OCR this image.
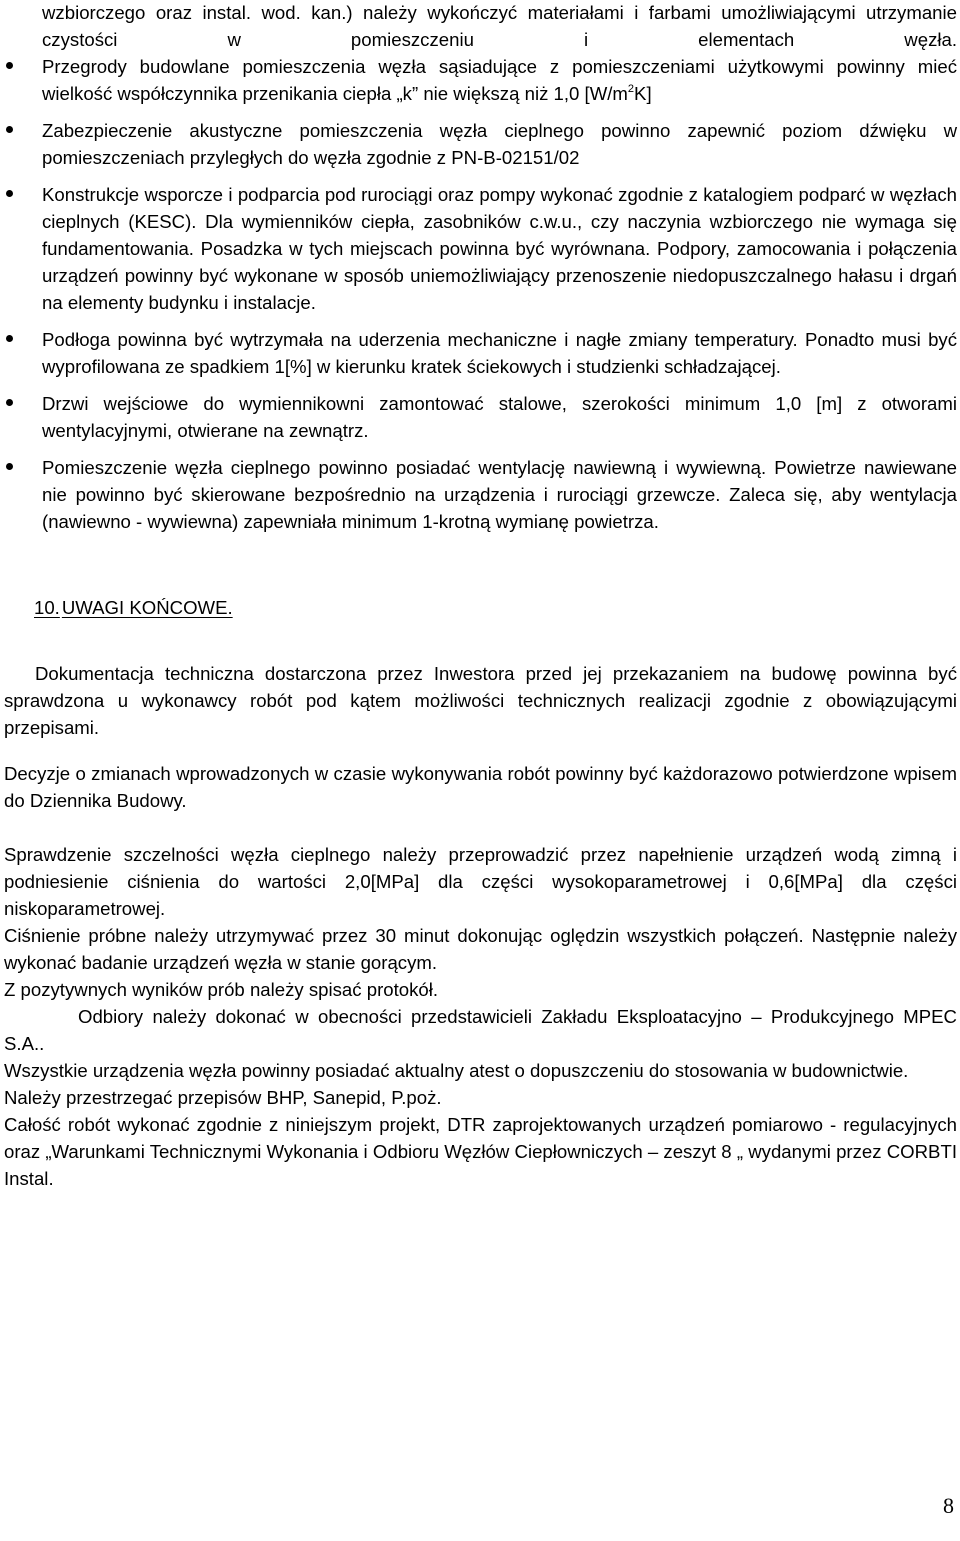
wzbiorczego oraz instal. wod. kan.) należy wykończyć materiałami i farbami umożliwiającymi utrzymanie czystości w pomieszczeniu i elementach węzła.

Przegrody budowlane pomieszczenia węzła sąsiadujące z pomieszczeniami użytkowymi powinny mieć wielkość współczynnika przenikania ciepła „k” nie większą niż 1,0 $[W/m^2K]$
Zabezpieczenie akustyczne pomieszczenia węzła cieplnego powinno zapewnić poziom dźwięku w pomieszczeniach przyległych do węzła zgodnie z PN-B-02151/02
Konstrukcje wsporcze i podparcia pod rurociągi oraz pompy wykonać zgodnie z katalogiem podparć w węzłach cieplnych (KESC). Dla wymienników ciepła, zasobników c.w.u., czy naczynia wzbiorczego nie wymaga się fundamentowania. Posadzka w tych miejscach powinna być wyrównana. Podpory, zamocowania i połączenia urządzeń powinny być wykonane w sposób uniemożliwiający przenoszenie niedopuszczalnego hałasu i drgań na elementy budynku i instalacje.
Podłoga powinna być wytrzymała na uderzenia mechaniczne i nagłe zmiany temperatury. Ponadto musi być wyprofilowana ze spadkiem 1[%] w kierunku kratek ściekowych i studzienki schładzającej.
Drzwi wejściowe do wymiennikowni zamontować stalowe, szerokości minimum 1,0 [m] z otworami wentylacyjnymi, otwierane na zewnątrz.
Pomieszczenie węzła cieplnego powinno posiadać wentylację nawiewną i wywiewną. Powietrze nawiewane nie powinno być skierowane bezpośrednio na urządzenia i rurociągi grzewcze. Zaleca się, aby wentylacja (nawiewno - wywiewna) zapewniała minimum 1-krotną wymianę powietrza.
10. UWAGI KOŃCOWE.

Dokumentacja techniczna dostarczona przez Inwestora przed jej przekazaniem na budowę powinna być sprawdzona u wykonawcy robót pod kątem możliwości technicznych realizacji zgodnie z obowiązującymi przepisami.

Decyzje o zmianach wprowadzonych w czasie wykonywania robót powinny być każdorazowo potwierdzone wpisem do Dziennika Budowy.

Sprawdzenie szczelności węzła cieplnego należy przeprowadzić przez napełnienie urządzeń wodą zimną i podniesienie ciśnienia do wartości 2,0[MPa] dla części wysokoparametrowej i 0,6[MPa] dla części niskoparametrowej.

Ciśnienie próbne należy utrzymywać przez 30 minut dokonując oględzin wszystkich połączeń. Następnie należy wykonać badanie urządzeń węzła w stanie gorącym.

Z pozytywnych wyników prób należy spisać protokół.

Odbiory należy dokonać w obecności przedstawicieli Zakładu Eksploatacyjno – Produkcyjnego MPEC S.A..

Wszystkie urządzenia węzła powinny posiadać aktualny atest o dopuszczeniu do stosowania w budownictwie.

Należy przestrzegać przepisów BHP, Sanepid, P.poż.

Całość robót wykonać zgodnie z niniejszym projekt, DTR zaprojektowanych urządzeń pomiarowo - regulacyjnych oraz „Warunkami Technicznymi Wykonania i Odbioru Węzłów Ciepłowniczych – zeszyt 8 „ wydanymi przez CORBTI Instal.

8
